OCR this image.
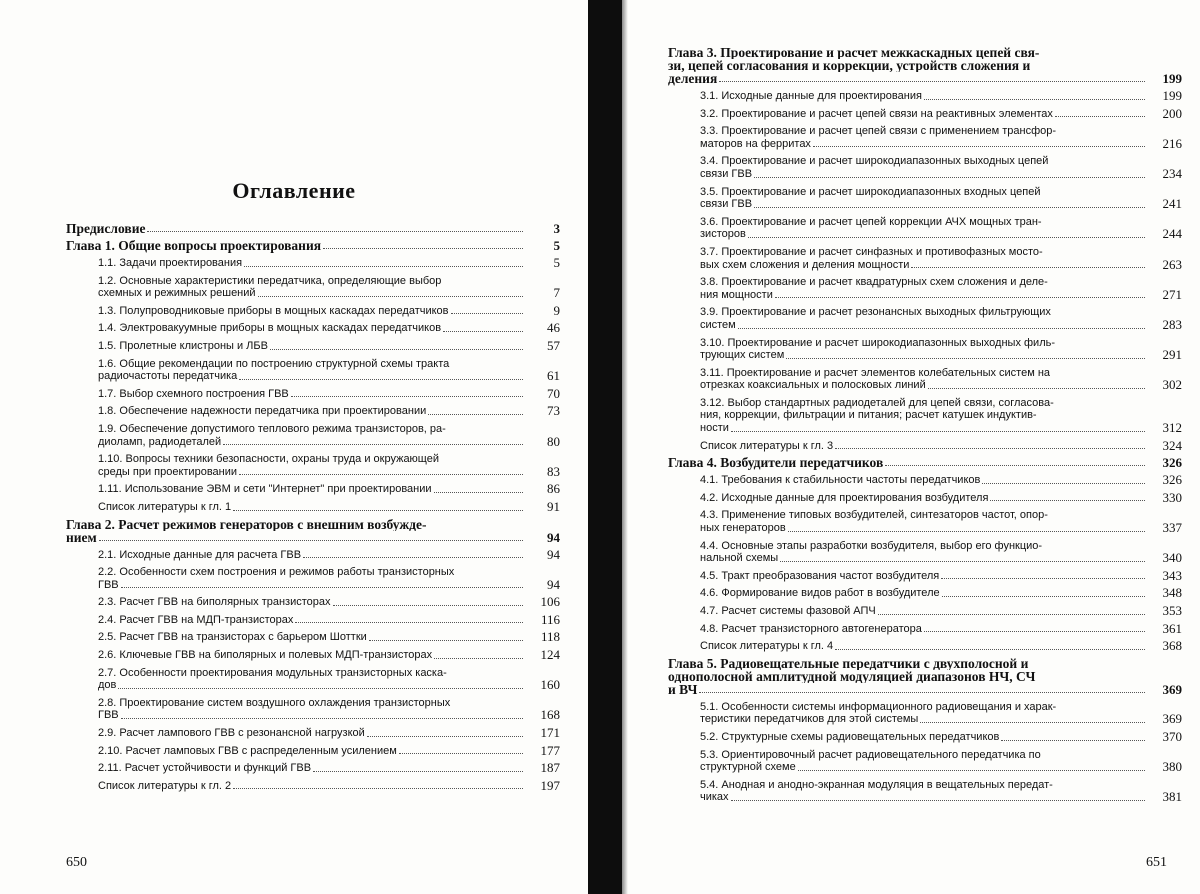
Оглавление
Предисловие	3
Глава 1. Общие вопросы проектирования	5
1.1. Задачи проектирования	5
1.2. Основные характеристики передатчика, определяющие выбор
схемных и режимных решений	7
1.3. Полупроводниковые приборы в мощных каскадах передатчиков	9
1.4. Электровакуумные приборы в мощных каскадах передатчиков	46
1.5. Пролетные клистроны и ЛБВ	57
1.6. Общие рекомендации по построению структурной схемы тракта
радиочастоты передатчика	61
1.7. Выбор схемного построения ГВВ	70
1.8. Обеспечение надежности передатчика при проектировании	73
1.9. Обеспечение допустимого теплового режима транзисторов, ра-
диоламп, радиодеталей	80
1.10. Вопросы техники безопасности, охраны труда и окружающей
среды при проектировании	83
1.11. Использование ЭВМ и сети "Интернет" при проектировании	86
Список литературы к гл. 1	91
Глава 2. Расчет режимов генераторов с внешним возбужде-
нием	94
2.1. Исходные данные для расчета ГВВ	94
2.2. Особенности схем построения и режимов работы транзисторных
ГВВ	94
2.3. Расчет ГВВ на биполярных транзисторах	106
2.4. Расчет ГВВ на МДП-транзисторах	116
2.5. Расчет ГВВ на транзисторах с барьером Шоттки	118
2.6. Ключевые ГВВ на биполярных и полевых МДП-транзисторах	124
2.7. Особенности проектирования модульных транзисторных каска-
дов	160
2.8. Проектирование систем воздушного охлаждения транзисторных
ГВВ	168
2.9. Расчет лампового ГВВ с резонансной нагрузкой	171
2.10. Расчет ламповых ГВВ с распределенным усилением	177
2.11. Расчет устойчивости и функций ГВВ	187
Список литературы к гл. 2	197
650
Глава 3. Проектирование и расчет межкаскадных цепей свя-
зи, цепей согласования и коррекции, устройств сложения и
деления	199
3.1. Исходные данные для проектирования	199
3.2. Проектирование и расчет цепей связи на реактивных элементах	200
3.3. Проектирование и расчет цепей связи с применением трансфор-
маторов на ферритах	216
3.4. Проектирование и расчет широкодиапазонных выходных цепей
связи ГВВ	234
3.5. Проектирование и расчет широкодиапазонных входных цепей
связи ГВВ	241
3.6. Проектирование и расчет цепей коррекции АЧХ мощных тран-
зисторов	244
3.7. Проектирование и расчет синфазных и противофазных мосто-
вых схем сложения и деления мощности	263
3.8. Проектирование и расчет квадратурных схем сложения и деле-
ния мощности	271
3.9. Проектирование и расчет резонансных выходных фильтрующих
систем	283
3.10. Проектирование и расчет широкодиапазонных выходных филь-
трующих систем	291
3.11. Проектирование и расчет элементов колебательных систем на
отрезках коаксиальных и полосковых линий	302
3.12. Выбор стандартных радиодеталей для цепей связи, согласова-
ния, коррекции, фильтрации и питания; расчет катушек индуктив-
ности	312
Список литературы к гл. 3	324
Глава 4. Возбудители передатчиков	326
4.1. Требования к стабильности частоты передатчиков	326
4.2. Исходные данные для проектирования возбудителя	330
4.3. Применение типовых возбудителей, синтезаторов частот, опор-
ных генераторов	337
4.4. Основные этапы разработки возбудителя, выбор его функцио-
нальной схемы	340
4.5. Тракт преобразования частот возбудителя	343
4.6. Формирование видов работ в возбудителе	348
4.7. Расчет системы фазовой АПЧ	353
4.8. Расчет транзисторного автогенератора	361
Список литературы к гл. 4	368
Глава 5. Радиовещательные передатчики с двухполосной и
однополосной амплитудной модуляцией диапазонов НЧ, СЧ
и ВЧ	369
5.1. Особенности системы информационного радиовещания и харак-
теристики передатчиков для этой системы	369
5.2. Структурные схемы радиовещательных передатчиков	370
5.3. Ориентировочный расчет радиовещательного передатчика по
структурной схеме	380
5.4. Анодная и анодно-экранная модуляция в вещательных передат-
чиках	381
651
